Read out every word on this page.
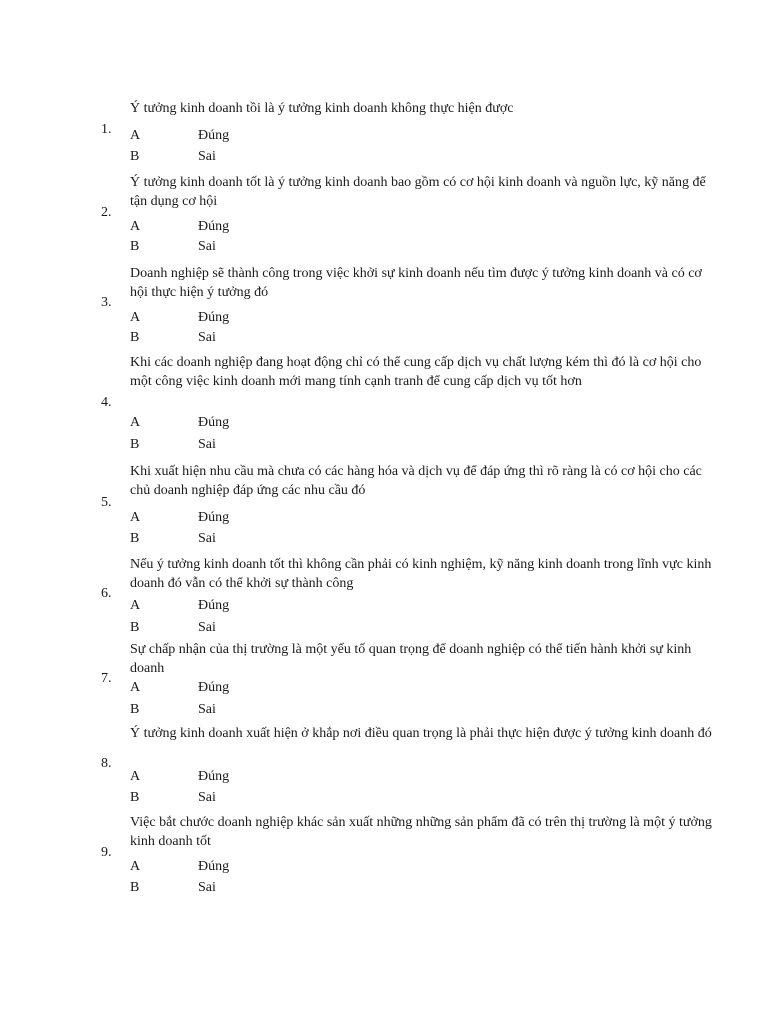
1.
Ý tưởng kinh doanh tồi là ý tưởng kinh doanh không thực hiện được
A	Đúng
B	Sai
2.
Ý tưởng kinh doanh tốt là ý tưởng kinh doanh bao gồm có cơ hội kinh doanh và nguồn lực, kỹ năng để tận dụng cơ hội
A	Đúng
B	Sai
3.
Doanh nghiệp sẽ thành công trong việc khởi sự kinh doanh nếu tìm được ý tưởng kinh doanh và có cơ hội thực hiện ý tưởng đó
A	Đúng
B	Sai
4.
Khi các doanh nghiệp đang hoạt động chỉ có thể cung cấp dịch vụ chất lượng kém thì đó là cơ hội cho một công việc kinh doanh mới mang tính cạnh tranh để cung cấp dịch vụ tốt hơn
A	Đúng
B	Sai
5.
Khi xuất hiện nhu cầu mà chưa có các hàng hóa và dịch vụ để đáp ứng thì rõ ràng là có cơ hội cho các chủ doanh nghiệp đáp ứng các nhu cầu đó
A	Đúng
B	Sai
6.
Nếu ý tưởng kinh doanh tốt thì không cần phải có kinh nghiệm, kỹ năng kinh doanh trong lĩnh vực kinh doanh đó vẫn có thể khởi sự thành công
A	Đúng
B	Sai
7.
Sự chấp nhận của thị trường là một yếu tố quan trọng để doanh nghiệp có thể tiến hành khởi sự kinh doanh
A	Đúng
B	Sai
8.
Ý tưởng kinh doanh xuất hiện ở khắp nơi điều quan trọng là phải thực hiện được ý tưởng kinh doanh đó
A	Đúng
B	Sai
9.
Việc bắt chước doanh nghiệp khác sản xuất những những sản phẩm đã có trên thị trường là một ý tưởng kinh doanh tốt
A	Đúng
B	Sai
